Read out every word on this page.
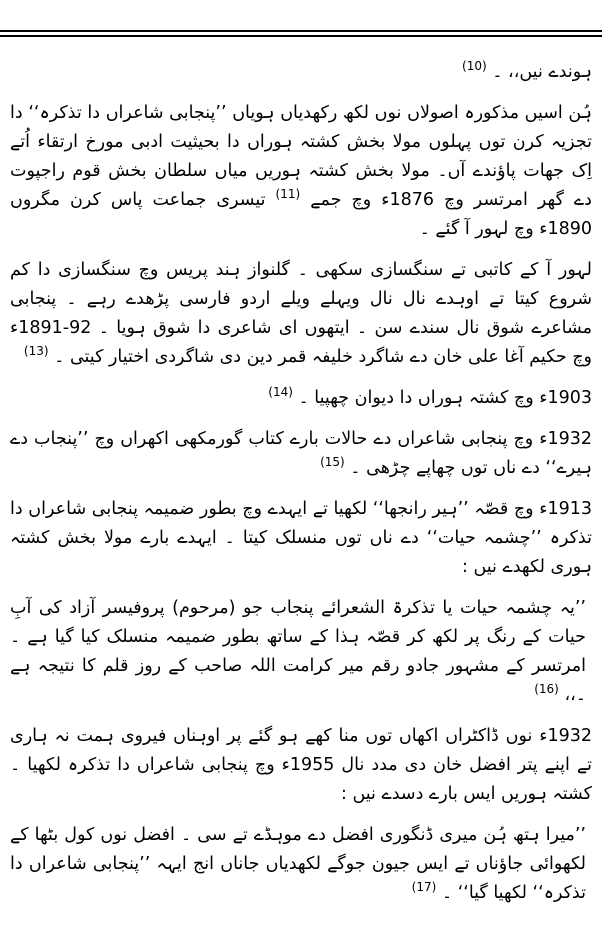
ہوندے نیں،، ۔ $^{(10)}$

ہُن اسیں مذکورہ اصولاں نوں لکھ رکھدیاں ہویاں ’’پنجابی شاعراں دا تذکرہ‘‘ دا تجزیہ کرن توں پہلوں مولا بخش کشتہ ہوراں دا بحیثیت ادبی مورخ ارتقاء اُتے اِک جھات پاؤندے آں۔ مولا بخش کشتہ ہوریں میاں سلطان بخش قوم راجپوت دے گھر امرتسر وچ 1876ء وچ جمے $^{(11)}$ تیسری جماعت پاس کرن مگروں 1890ء وچ لہور آ گئے ۔

لہور آ کے کاتبی تے سنگسازی سکھی ۔ گلنواز ہند پریس وچ سنگسازی دا کم شروع کیتا تے اوہدے نال نال ویہلے ویلے اردو فارسی پڑھدے رہے ۔ پنجابی مشاعرے شوق نال سندے سن ۔ ایتھوں ای شاعری دا شوق ہویا ۔ 92-1891ء وچ حکیم آغا علی خان دے شاگرد خلیفہ قمر دین دی شاگردی اختیار کیتی ۔ $^{(13)}$

1903ء وچ کشتہ ہوراں دا دیوان چھپیا ۔ $^{(14)}$

1932ء وچ پنجابی شاعراں دے حالات بارے کتاب گورمکھی اکھراں وچ ’’پنجاب دے ہیرے‘‘ دے ناں توں چھاپے چڑھی ۔ $^{(15)}$

1913ء وچ قصّہ ’’ہیر رانجھا‘‘ لکھیا تے ایہدے وچ بطور ضمیمہ پنجابی شاعراں دا تذکرہ ’’چشمہ حیات‘‘ دے ناں توں منسلک کیتا ۔ ایہدے بارے مولا بخش کشتہ ہوری لکھدے نیں :

’’یہ چشمہ حیات یا تذکرۃ الشعرائے پنجاب جو (مرحوم) پروفیسر آزاد کی آبِ حیات کے رنگ پر لکھ کر قصّہ ہذا کے ساتھ بطور ضمیمہ منسلک کیا گیا ہے ۔ امرتسر کے مشہور جادو رقم میر کرامت اللہ صاحب کے روز قلم کا نتیجہ ہے ۔،، $^{(16)}$

1932ء نوں ڈاکٹراں اکھاں توں منا کھے ہو گئے پر اوہناں فیروی ہمت نہ ہاری تے اپنے پتر افضل خان دی مدد نال 1955ء وچ پنجابی شاعراں دا تذکرہ لکھیا ۔ کشتہ ہوریں ایس بارے دسدے نیں :

’’میرا ہتھ ہُن میری ڈنگوری افضل دے موہڈے تے سی ۔ افضل نوں کول بٹھا کے لکھوائی جاؤناں تے ایس جیون جوگے لکھدیاں جاناں انج ایہہ ’’پنجابی شاعراں دا تذکرہ‘‘ لکھیا گیا‘‘ ۔ $^{(17)}$
